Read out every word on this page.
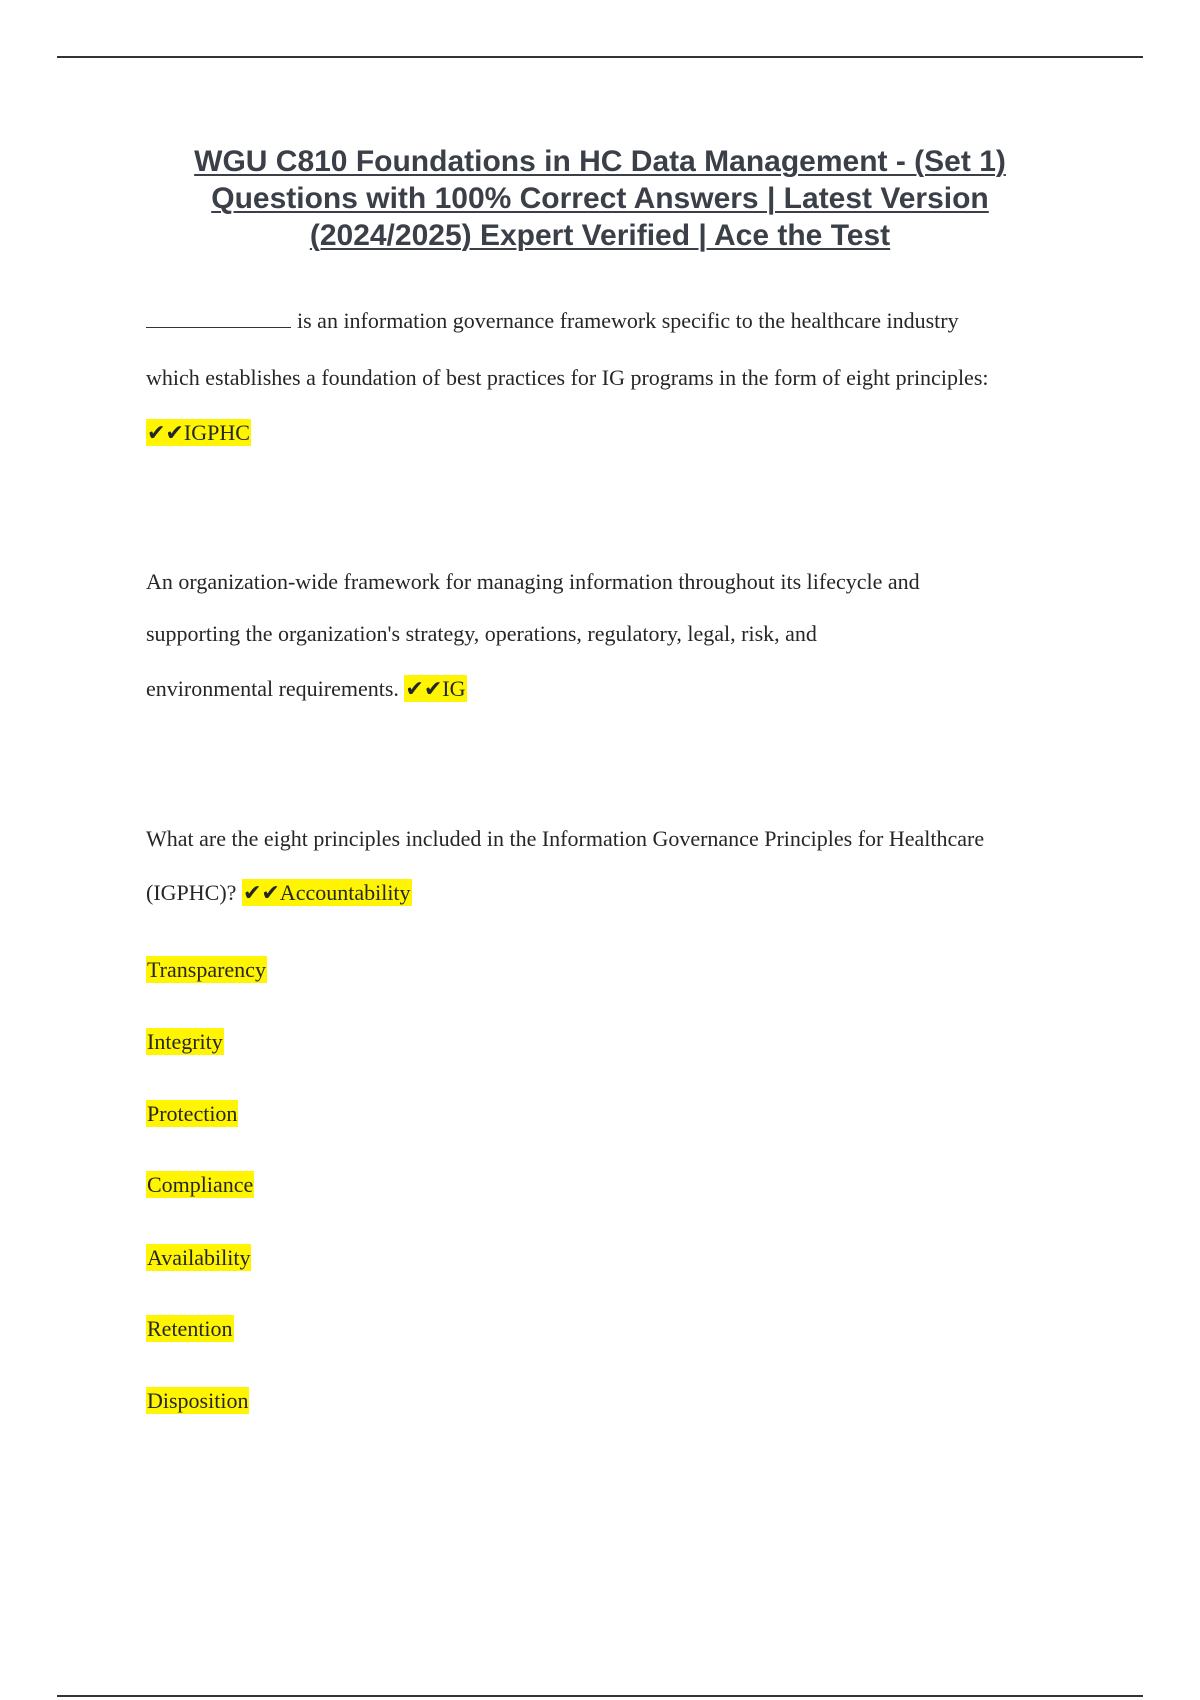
WGU C810 Foundations in HC Data Management - (Set 1)
Questions with 100% Correct Answers | Latest Version
(2024/2025) Expert Verified | Ace the Test
is an information governance framework specific to the healthcare industry
which establishes a foundation of best practices for IG programs in the form of eight principles:
✔✔IGPHC
An organization-wide framework for managing information throughout its lifecycle and
supporting the organization's strategy, operations, regulatory, legal, risk, and
environmental requirements. ✔✔IG
What are the eight principles included in the Information Governance Principles for Healthcare
(IGPHC)? ✔✔Accountability
Transparency
Integrity
Protection
Compliance
Availability
Retention
Disposition
